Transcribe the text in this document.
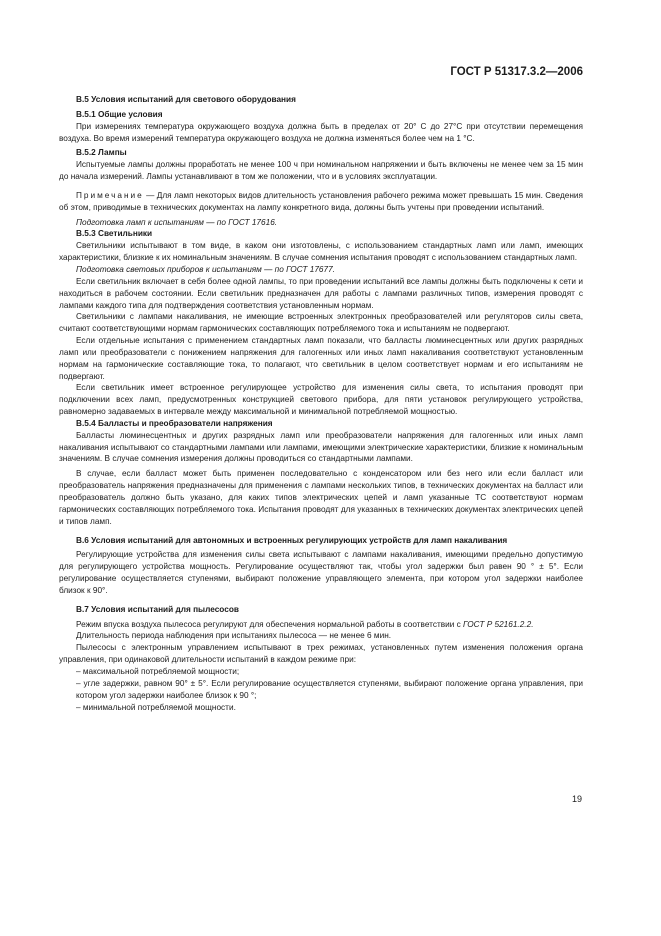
ГОСТ Р 51317.3.2—2006

В.5 Условия испытаний для светового оборудования

В.5.1 Общие условия

При измерениях температура окружающего воздуха должна быть в пределах от 20° С до 27°С при отсутствии перемещения воздуха. Во время измерений температура окружающего воздуха не должна изменяться более чем на 1 °С.

В.5.2 Лампы

Испытуемые лампы должны проработать не менее 100 ч при номинальном напряжении и быть включены не менее чем за 15 мин до начала измерений. Лампы устанавливают в том же положении, что и в условиях эксплуатации.

Примечание — Для ламп некоторых видов длительность установления рабочего режима может превышать 15 мин. Сведения об этом, приводимые в технических документах на лампу конкретного вида, должны быть учтены при проведении испытаний.

Подготовка ламп к испытаниям — по ГОСТ 17616.

В.5.3 Светильники

Светильники испытывают в том виде, в каком они изготовлены, с использованием стандартных ламп или ламп, имеющих характеристики, близкие к их номинальным значениям. В случае сомнения испытания проводят с использованием стандартных ламп.

Подготовка световых приборов к испытаниям — по ГОСТ 17677.

Если светильник включает в себя более одной лампы, то при проведении испытаний все лампы должны быть подключены к сети и находиться в рабочем состоянии. Если светильник предназначен для работы с лампами различных типов, измерения проводят с лампами каждого типа для подтверждения соответствия установленным нормам.

Светильники с лампами накаливания, не имеющие встроенных электронных преобразователей или регуляторов силы света, считают соответствующими нормам гармонических составляющих потребляемого тока и испытаниям не подвергают.

Если отдельные испытания с применением стандартных ламп показали, что балласты люминесцентных или других разрядных ламп или преобразователи с понижением напряжения для галогенных или иных ламп накаливания соответствуют установленным нормам на гармонические составляющие тока, то полагают, что светильник в целом соответствует нормам и его испытаниям не подвергают.

Если светильник имеет встроенное регулирующее устройство для изменения силы света, то испытания проводят при подключении всех ламп, предусмотренных конструкцией светового прибора, для пяти установок регулирующего устройства, равномерно задаваемых в интервале между максимальной и минимальной потребляемой мощностью.

В.5.4 Балласты и преобразователи напряжения

Балласты люминесцентных и других разрядных ламп или преобразователи напряжения для галогенных или иных ламп накаливания испытывают со стандартными лампами или лампами, имеющими электрические характеристики, близкие к номинальным значениям. В случае сомнения измерения должны проводиться со стандартными лампами.

В случае, если балласт может быть применен последовательно с конденсатором или без него или если балласт или преобразователь напряжения предназначены для применения с лампами нескольких типов, в технических документах на балласт или преобразователь должно быть указано, для каких типов электрических цепей и ламп указанные ТС соответствуют нормам гармонических составляющих потребляемого тока. Испытания проводят для указанных в технических документах электрических цепей и типов ламп.

В.6 Условия испытаний для автономных и встроенных регулирующих устройств для ламп накаливания

Регулирующие устройства для изменения силы света испытывают с лампами накаливания, имеющими предельно допустимую для регулирующего устройства мощность. Регулирование осуществляют так, чтобы угол задержки был равен 90 ° ± 5°. Если регулирование осуществляется ступенями, выбирают положение управляющего элемента, при котором угол задержки наиболее близок к 90°.

В.7 Условия испытаний для пылесосов

Режим впуска воздуха пылесоса регулируют для обеспечения нормальной работы в соответствии с ГОСТ Р 52161.2.2.

Длительность периода наблюдения при испытаниях пылесоса — не менее 6 мин.

Пылесосы с электронным управлением испытывают в трех режимах, установленных путем изменения положения органа управления, при одинаковой длительности испытаний в каждом режиме при:

– максимальной потребляемой мощности;

– угле задержки, равном 90° ± 5°. Если регулирование осуществляется ступенями, выбирают положение органа управления, при котором угол задержки наиболее близок к 90 °;

– минимальной потребляемой мощности.

19
